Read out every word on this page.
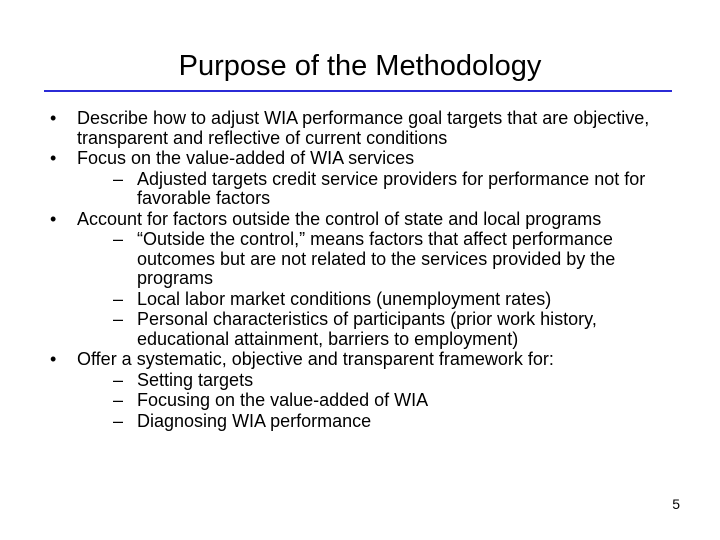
Purpose of the Methodology
• Describe how to adjust WIA performance goal targets that are objective, transparent and reflective of current conditions
• Focus on the value-added of WIA services
– Adjusted targets credit service providers for performance not for favorable factors
• Account for factors outside the control of state and local programs
– “Outside the control,” means factors that affect performance outcomes but are not related to the services provided by the programs
– Local labor market conditions (unemployment rates)
– Personal characteristics of participants (prior work history, educational attainment, barriers to employment)
• Offer a systematic, objective and transparent framework for:
– Setting targets
– Focusing on the value-added of WIA
– Diagnosing WIA performance
5
